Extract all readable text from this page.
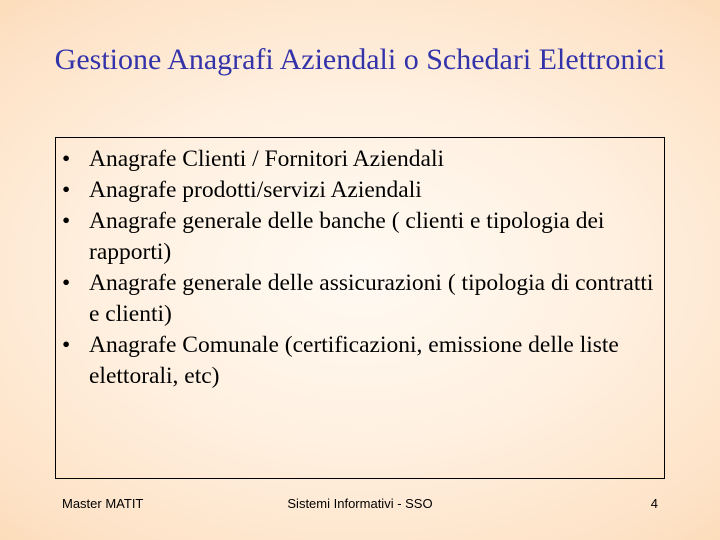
Gestione Anagrafi Aziendali o Schedari Elettronici
• Anagrafe Clienti / Fornitori Aziendali
• Anagrafe prodotti/servizi Aziendali
• Anagrafe generale delle banche ( clienti e tipologia dei rapporti)
• Anagrafe generale delle assicurazioni ( tipologia di contratti e clienti)
• Anagrafe Comunale (certificazioni, emissione delle liste elettorali, etc)
Master MATIT	Sistemi Informativi - SSO	4
